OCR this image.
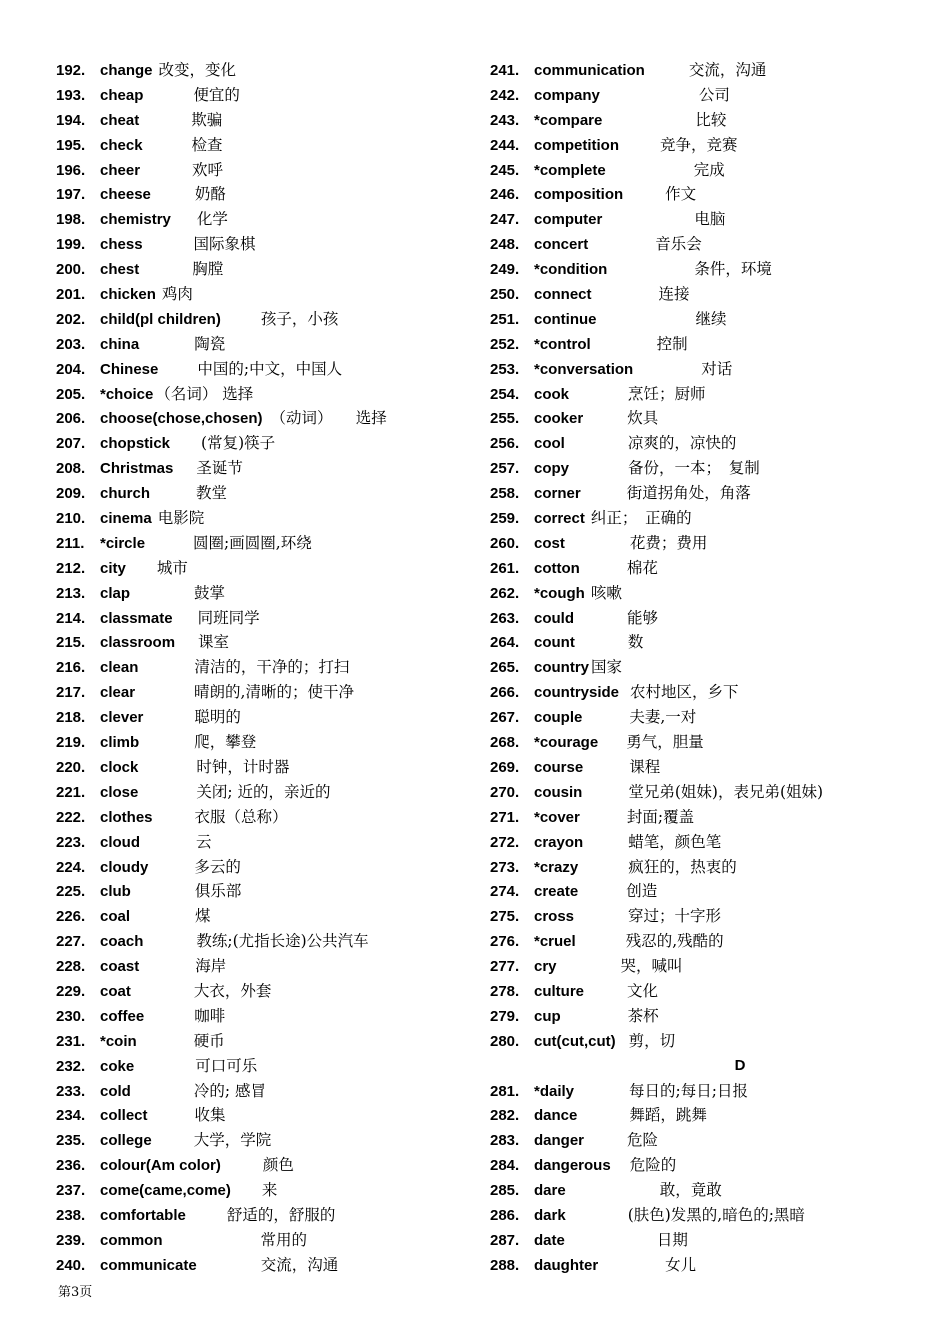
192. change 改变，变化
193. cheap	便宜的
194. cheat	欺骗
195. check	检查
196. cheer	欢呼
197. cheese	奶酪
198. chemistry 化学
199. chess	国际象棋
200. chest	胸膛
201. chicken 鸡肉
202. child(pl children)	孩子，小孩
203. china	陶瓷
204. Chinese	中国的;中文，中国人
205. *choice （名词） 选择
206. choose(chose,chosen) （动词）　　选择
207. chopstick (常复)筷子
208. Christmas 圣诞节
209. church	教堂
210. cinema 电影院
211. *circle	圆圈;画圆圈,环绕
212. city 城市
213. clap	鼓掌
214. classmate 同班同学
215. classroom 课室
216. clean	清洁的，干净的；打扫
217. clear	晴朗的,清晰的；使干净
218. clever	聪明的
219. climb	爬，攀登
220. clock	时钟，计时器
221. close	关闭; 近的，亲近的
222. clothes	衣服（总称）
223. cloud	云
224. cloudy	多云的
225. club	俱乐部
226. coal	煤
227. coach	教练;(尤指长途)公共汽车
228. coast	海岸
229. coat	大衣，外套
230. coffee	咖啡
231. *coin	硬币
232. coke	可口可乐
233. cold	冷的; 感冒
234. collect	收集
235. college	大学，学院
236. colour(Am color)	颜色
237. come(came,come) 来
238. comfortable	舒适的，舒服的
239. common	常用的
240. communicate	交流，沟通
241. communication	交流，沟通
242. company	公司
243. *compare	比较
244. competition	竞争，竞赛
245. *complete	完成
246. composition	作文
247. computer	电脑
248. concert	音乐会
249. *condition	条件，环境
250. connect	连接
251. continue	继续
252. *control	控制
253. *conversation	对话
254. cook	烹饪；厨师
255. cooker	炊具
256. cool	凉爽的，凉快的
257. copy	备份，一本；　复制
258. corner	街道拐角处，角落
259. correct 纠正；　正确的
260. cost	花费；费用
261. cotton	棉花
262. *cough 咳嗽
263. could	能够
264. count	数
265. country 国家
266. countryside 农村地区，乡下
267. couple	夫妻,一对
268. *courage 勇气，胆量
269. course	课程
270. cousin	堂兄弟(姐妹)，表兄弟(姐妹)
271. *cover	封面;覆盖
272. crayon	蜡笔，颜色笔
273. *crazy	疯狂的，热衷的
274. create	创造
275. cross	穿过；十字形
276. *cruel	残忍的,残酷的
277. cry	哭，喊叫
278. culture	文化
279. cup	茶杯
280. cut(cut,cut) 剪，切
D
281. *daily	每日的;每日;日报
282. dance	舞蹈，跳舞
283. danger	危险
284. dangerous 危险的
285. dare	敢，竟敢
286. dark	(肤色)发黑的,暗色的;黑暗
287. date	日期
288. daughter	女儿
第3页
